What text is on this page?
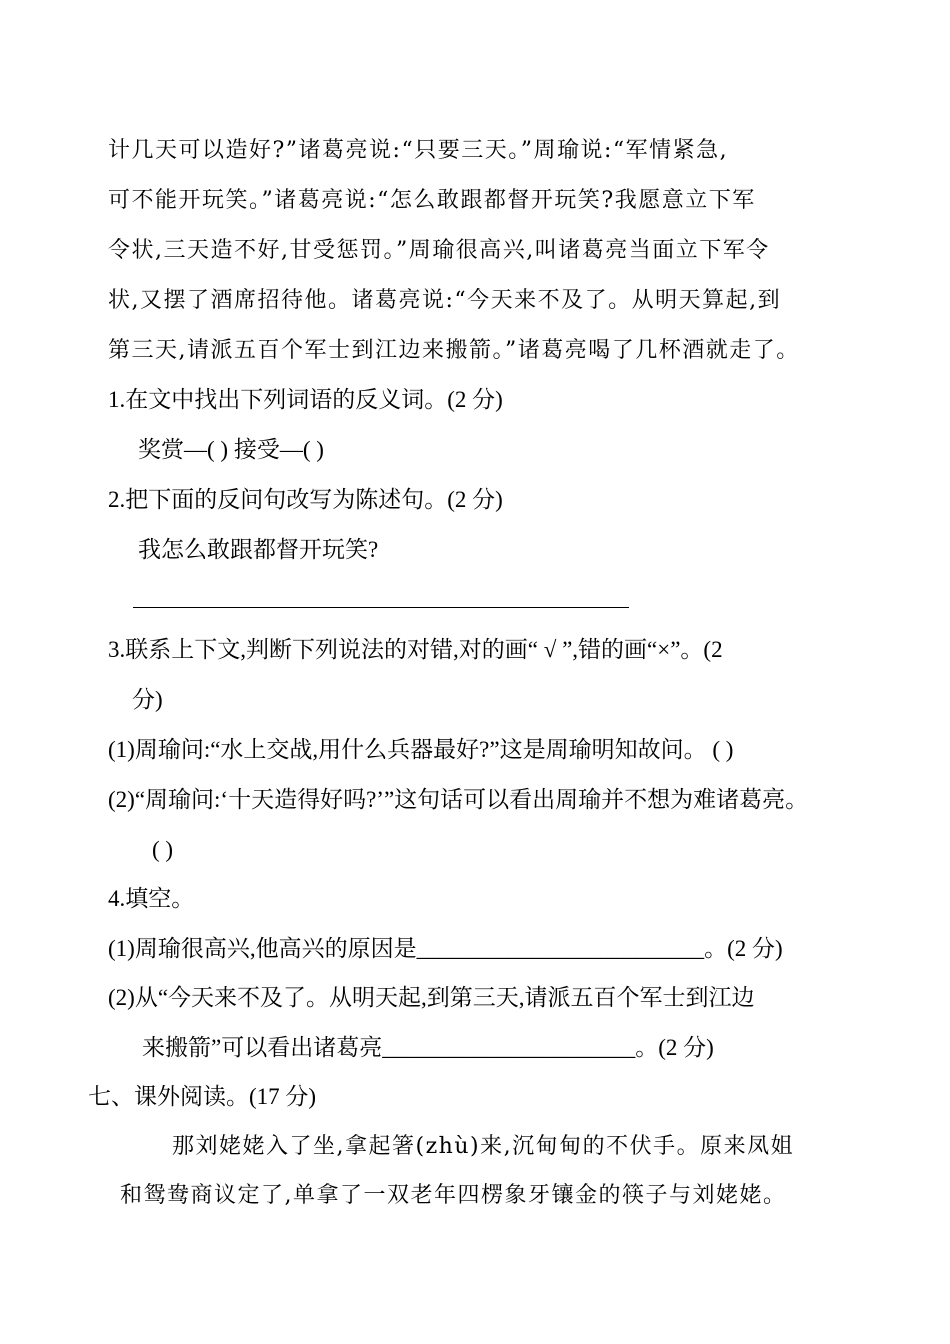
计几天可以造好?”诸葛亮说:“只要三天。”周瑜说:“军情紧急,
可不能开玩笑。”诸葛亮说:“怎么敢跟都督开玩笑?我愿意立下军
令状,三天造不好,甘受惩罚。”周瑜很高兴,叫诸葛亮当面立下军令
状,又摆了酒席招待他。诸葛亮说:“今天来不及了。从明天算起,到
第三天,请派五百个军士到江边来搬箭。”诸葛亮喝了几杯酒就走了。
1.在文中找出下列词语的反义词。(2 分)
奖赏—( ) 接受—( )
2.把下面的反问句改写为陈述句。(2 分)
我怎么敢跟都督开玩笑?
3.联系上下文,判断下列说法的对错,对的画“ √ ”,错的画“×”。(2
分)
(1)周瑜问:“水上交战,用什么兵器最好?”这是周瑜明知故问。 ( )
(2)“周瑜问:‘十天造得好吗?’”这句话可以看出周瑜并不想为难诸葛亮。
( )
4.填空。
(1)周瑜很高兴,他高兴的原因是_________________________。(2 分)
(2)从“今天来不及了。从明天起,到第三天,请派五百个军士到江边
来搬箭”可以看出诸葛亮______________________。(2 分)
七、课外阅读。(17 分)
那刘姥姥入了坐,拿起箸(zhù)来,沉甸甸的不伏手。原来凤姐
和鸳鸯商议定了,单拿了一双老年四楞象牙镶金的筷子与刘姥姥。
